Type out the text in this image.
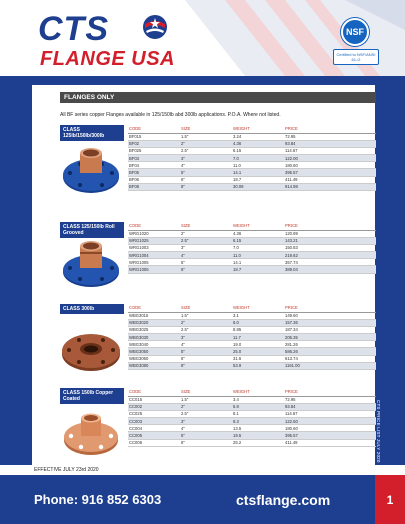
CTS
FLANGE USA
NSF
Certified to NSF/ANSI 61-G
CTS PRICE LIST JULY 2020
FLANGES ONLY
All BF series copper Flanges available in 125/150lb abd 300lb applications. P.O.A. Where not listed.
CLASS 125lb/150lb/300lb
CODE	SIZE	WEIGHT	PRICE
BF015	1.5"	3.24	72.95
BF02	2"	4.36	93.84
BF025	2.5"	6.15	114.67
BF03	3"	7.0	122.00
BF04	4"	11.0	180.60
BF05	5"	14.1	395.57
BF06	6"	18.7	411.49
BF08	8"	30.09	914.98
CLASS 125/150lb Roll Grooved
CODE	SIZE	WEIGHT	PRICE
WRG1020	2"	4.36	120.99
WRG1025	2.5"	6.15	143.21
WRG1003	3"	7.0	150.83
WRG1004	4"	11.0	219.62
WRG1005	5"	14.1	357.74
WRG1006	6"	18.7	389.04
CLASS 300lb	CODE	SIZE	WEIGHT	PRICE
WBG3015	1.5"	3.1	149.60
WBG3020	2"	6.0	157.36
WBG3025	2.5"	8.85	187.34
WBG3030	3"	11.7	205.35
WBG3040	4"	19.0	281.26
WBG3050	5"	25.0	586.26
WBG3060	6"	31.6	613.74
WBG3080	8"	53.9	1161.00
CLASS 150lb Copper Coated
CODE	SIZE	WEIGHT	PRICE
CC015	1.5"	3.4	72.95
CC002	2"	5.9	93.84
CC025	2.5"	8.1	114.67
CC003	3"	9.3	122.50
CC004	4"	13.5	180.60
CC005	5"	19.5	395.57
CC006	6"	25.2	411.49
EFFECTIVE JULY 23rd 2020
Phone: 916 852 6303	ctsflange.com	1
